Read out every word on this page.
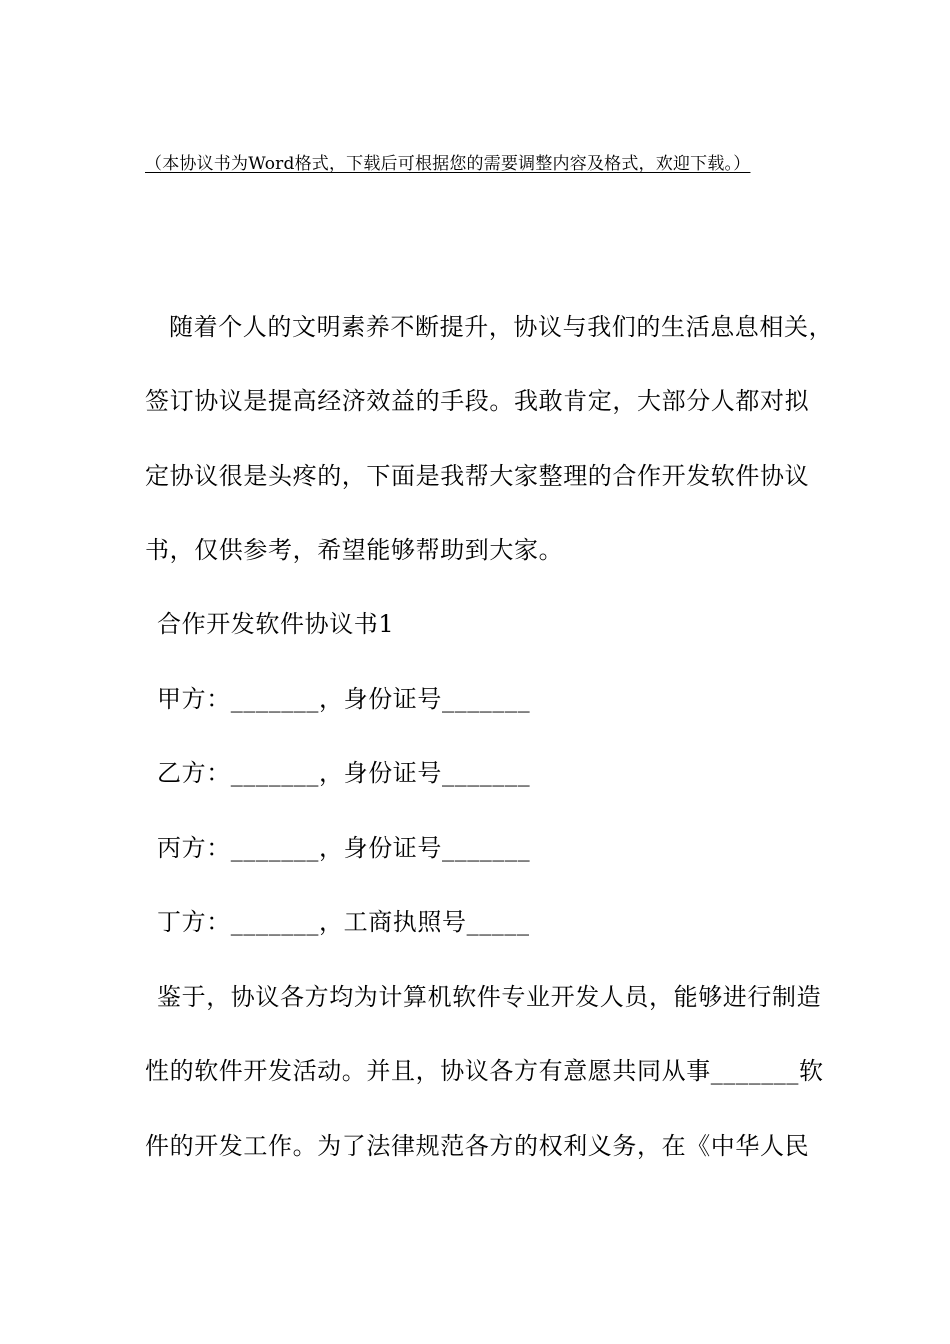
（本协议书为Word格式，下载后可根据您的需要调整内容及格式，欢迎下载。）
随着个人的文明素养不断提升，协议与我们的生活息息相关，
签订协议是提高经济效益的手段。我敢肯定，大部分人都对拟
定协议很是头疼的，下面是我帮大家整理的合作开发软件协议
书，仅供参考，希望能够帮助到大家。
合作开发软件协议书1
甲方：_______，身份证号_______
乙方：_______，身份证号_______
丙方：_______，身份证号_______
丁方：_______，工商执照号_____
鉴于，协议各方均为计算机软件专业开发人员，能够进行制造
性的软件开发活动。并且，协议各方有意愿共同从事_______软
件的开发工作。为了法律规范各方的权利义务，在《中华人民
